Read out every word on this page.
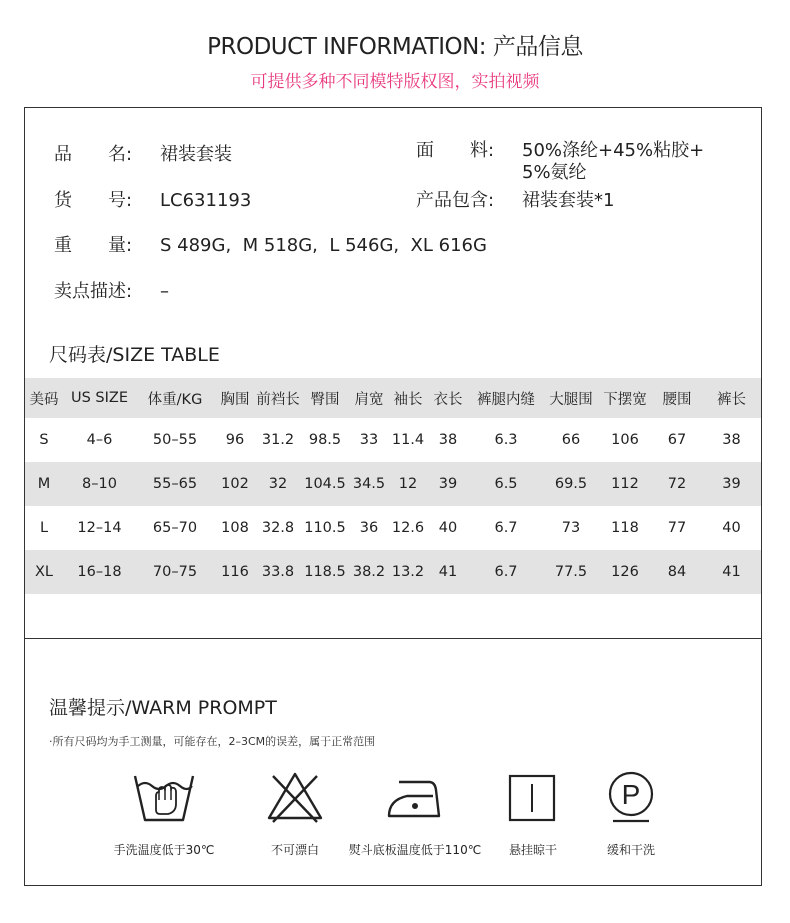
PRODUCT INFORMATION: 产品信息
可提供多种不同模特版权图，实拍视频
品　　名: 裙装套装	面　　料: 50%涤纶+45%粘胶+
5%氨纶
货　　号: LC631193	产品包含: 裙装套装*1
重　　量: S 489G,  M 518G,  L 546G,  XL 616G
卖点描述: –
尺码表/SIZE TABLE
美码	US SIZE	体重/KG	胸围	前裆长	臀围	肩宽	袖长	衣长	裤腿内缝	大腿围	下摆宽	腰围	裤长
S	4–6	50–55	96	31.2	98.5	33	11.4	38	6.3	66	106	67	38
M	8–10	55–65	102	32	104.5	34.5	12	39	6.5	69.5	112	72	39
L	12–14	65–70	108	32.8	110.5	36	12.6	40	6.7	73	118	77	40
XL	16–18	70–75	116	33.8	118.5	38.2	13.2	41	6.7	77.5	126	84	41
温馨提示/WARM PROMPT
·所有尺码均为手工测量，可能存在，2–3CM的误差，属于正常范围
手洗温度低于30℃	不可漂白	熨斗底板温度低于110℃	悬挂晾干
P
缓和干洗
